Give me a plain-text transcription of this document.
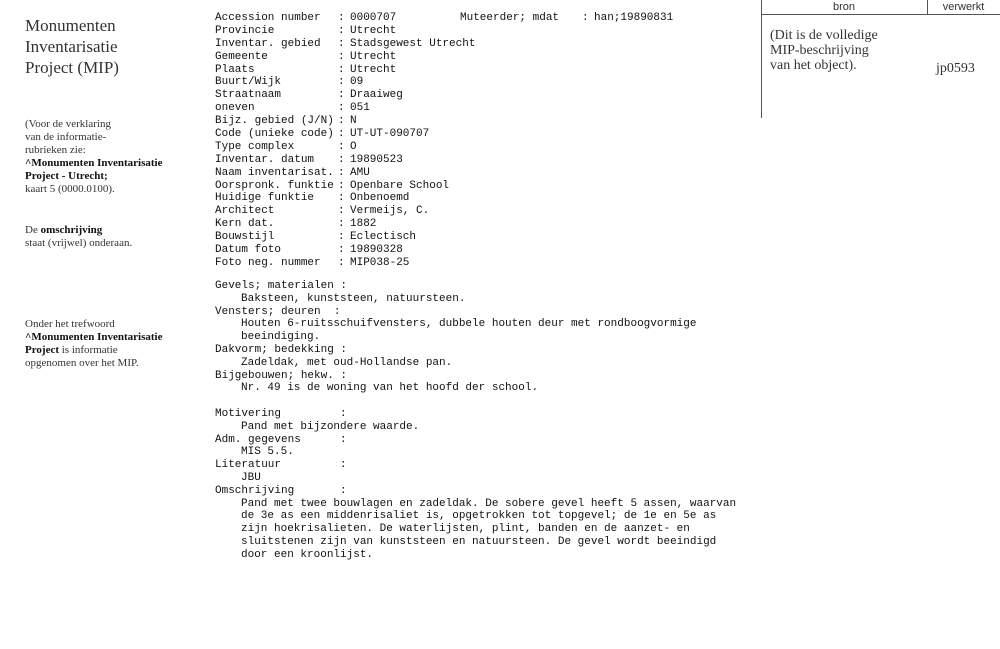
Monumenten
Inventarisatie
Project (MIP)
(Voor de verklaring
van de informatie-
rubrieken zie:
^Monumenten Inventarisatie
Project - Utrecht;
kaart 5 (0000.0100).
De omschrijving
staat (vrijwel) onderaan.
Onder het trefwoord
^Monumenten Inventarisatie
Project is informatie
opgenomen over het MIP.
Accession number : 0000707	Muteerder; mdat : han;19890831
Provincie	: Utrecht
Inventar. gebied : Stadsgewest Utrecht
Gemeente	: Utrecht
Plaats	: Utrecht
Buurt/Wijk	: 09
Straatnaam	: Draaiweg
oneven	: 051
Bijz. gebied (J/N) : N
Code (unieke code) : UT-UT-090707
Type complex	: O
Inventar. datum : 19890523
Naam inventarisat. : AMU
Oorspronk. funktie : Openbare School
Huidige funktie : Onbenoemd
Architect	: Vermeijs, C.
Kern dat.	: 1882
Bouwstijl	: Eclectisch
Datum foto	: 19890328
Foto neg. nummer : MIP038-25
Gevels; materialen :
Baksteen, kunststeen, natuursteen.
Vensters; deuren  :
Houten 6-ruitsschuifvensters, dubbele houten deur met rondboogvormige
beeindiging.
Dakvorm; bedekking :
Zadeldak, met oud-Hollandse pan.
Bijgebouwen; hekw. :
Nr. 49 is de woning van het hoofd der school.
Motivering	:
Pand met bijzondere waarde.
Adm. gegevens	:
MIS 5.5.
Literatuur	:
JBU
Omschrijving	:
Pand met twee bouwlagen en zadeldak. De sobere gevel heeft 5 assen, waarvan
de 3e as een middenrisaliet is, opgetrokken tot topgevel; de 1e en 5e as
zijn hoekrisalieten. De waterlijsten, plint, banden en de aanzet- en
sluitstenen zijn van kunststeen en natuursteen. De gevel wordt beeindigd
door een kroonlijst.
bron	verwerkt
(Dit is de volledige
MIP-beschrijving
van het object).	jp0593
